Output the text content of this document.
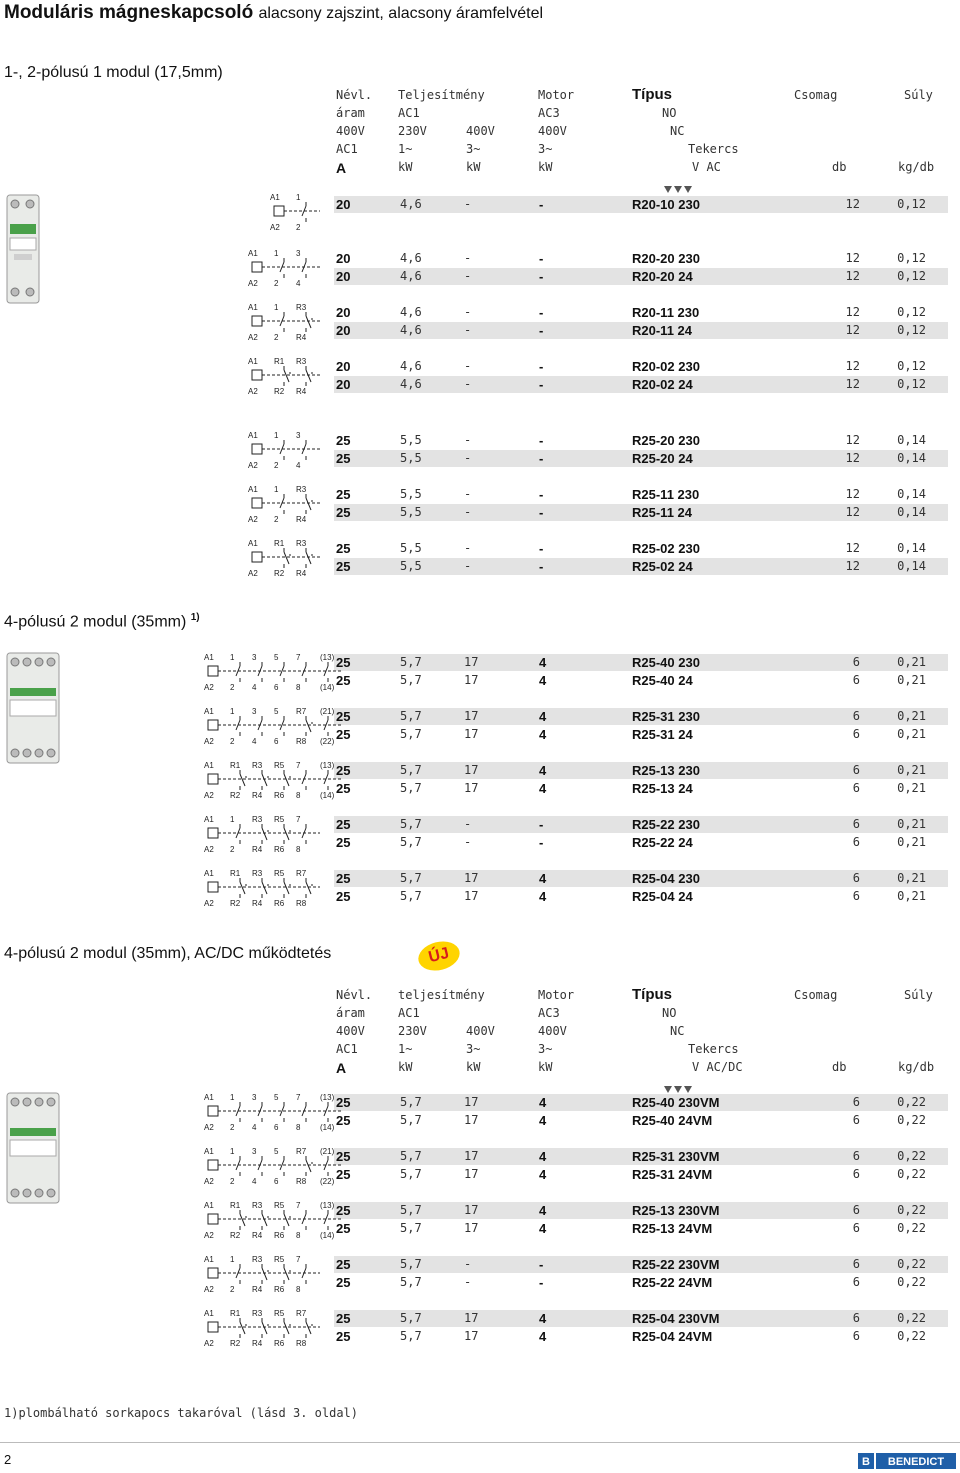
Moduláris mágneskapcsoló alacsony zajszint, alacsony áramfelvétel
1-, 2-pólusú 1 modul (17,5mm)
4-pólusú 2 modul (35mm) $^{1)}$
4-pólusú 2 modul (35mm), AC/DC működtetés	ÚJ
Névl.
áram
400V
AC1
A
Teljesítmény
AC1
230V
1~
kW
400V
3~
kW
Motor
AC3
400V
3~
kW
Típus
NO
NC
Tekercs
V AC
Csomag	Súly
db	kg/db
Névl.
áram
400V
AC1
A
teljesítmény
AC1
230V
1~
kW
400V
3~
kW
Motor
AC3
400V
3~
kW
Típus
NO
NC
Tekercs
V AC/DC
Csomag	Súly
db	kg/db
20	4,6	-	-	R20-10 230	12	0,12
20	4,6	-	-	R20-20 230	12	0,12
20	4,6	-	-	R20-20 24	12	0,12
20	4,6	-	-	R20-11 230	12	0,12
20	4,6	-	-	R20-11 24	12	0,12
20	4,6	-	-	R20-02 230	12	0,12
20	4,6	-	-	R20-02 24	12	0,12
25	5,5	-	-	R25-20 230	12	0,14
25	5,5	-	-	R25-20 24	12	0,14
25	5,5	-	-	R25-11 230	12	0,14
25	5,5	-	-	R25-11 24	12	0,14
25	5,5	-	-	R25-02 230	12	0,14
25	5,5	-	-	R25-02 24	12	0,14
25	5,7	17	4	R25-40 230	6	0,21
25	5,7	17	4	R25-40 24	6	0,21
25	5,7	17	4	R25-31 230	6	0,21
25	5,7	17	4	R25-31 24	6	0,21
25	5,7	17	4	R25-13 230	6	0,21
25	5,7	17	4	R25-13 24	6	0,21
25	5,7	-	-	R25-22 230	6	0,21
25	5,7	-	-	R25-22 24	6	0,21
25	5,7	17	4	R25-04 230	6	0,21
25	5,7	17	4	R25-04 24	6	0,21
25	5,7	17	4	R25-40 230VM	6	0,22
25	5,7	17	4	R25-40 24VM	6	0,22
25	5,7	17	4	R25-31 230VM	6	0,22
25	5,7	17	4	R25-31 24VM	6	0,22
25	5,7	17	4	R25-13 230VM	6	0,22
25	5,7	17	4	R25-13 24VM	6	0,22
25	5,7	-	-	R25-22 230VM	6	0,22
25	5,7	-	-	R25-22 24VM	6	0,22
25	5,7	17	4	R25-04 230VM	6	0,22
25	5,7	17	4	R25-04 24VM	6	0,22
A1
A2
1
2
A1
A2
1
2
3
4
A1
A2
1
2
R3
R4
A1
A2
R1
R2
R3
R4
A1
A2
1
2
3
4
A1
A2
1
2
R3
R4
A1
A2
R1
R2
R3
R4
A1
A2
1
2
3
4
5
6
7
8
(13)
(14)
A1
A2
1
2
3
4
5
6
R7
R8
(21)
(22)
A1
A2
R1
R2
R3
R4
R5
R6
7
8
(13)
(14)
A1
A2
1
2
R3
R4
R5
R6
7
8
A1
A2
R1
R2
R3
R4
R5
R6
R7
R8
A1
A2
1
2
3
4
5
6
7
8
(13)
(14)
A1
A2
1
2
3
4
5
6
R7
R8
(21)
(22)
A1
A2
R1
R2
R3
R4
R5
R6
7
8
(13)
(14)
A1
A2
1
2
R3
R4
R5
R6
7
8
A1
A2
R1
R2
R3
R4
R5
R6
R7
R8
1)plombálható sorkapocs takaróval (lásd 3. oldal)
2	B BENEDICT
